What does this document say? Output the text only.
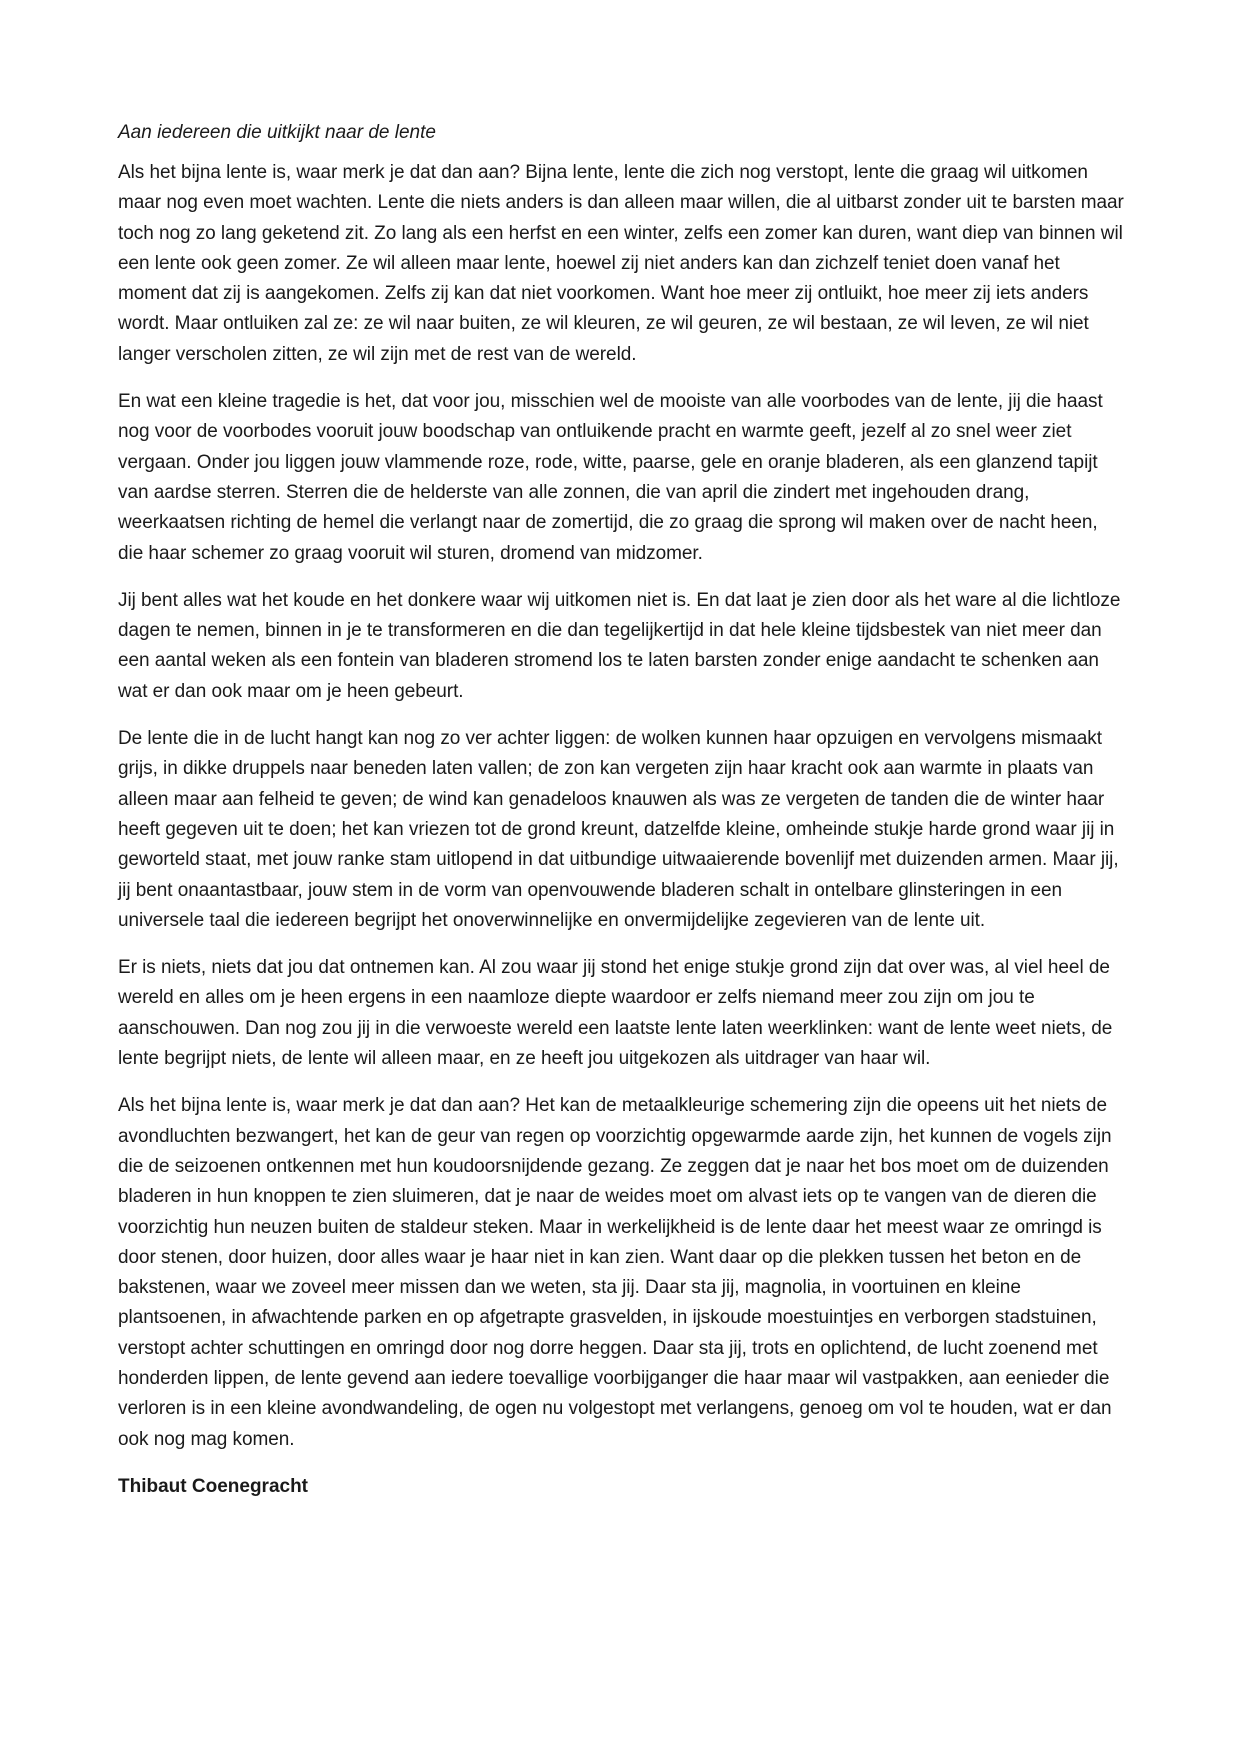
Aan iedereen die uitkijkt naar de lente

Als het bijna lente is, waar merk je dat dan aan? Bijna lente, lente die zich nog verstopt, lente die graag wil uitkomen maar nog even moet wachten. Lente die niets anders is dan alleen maar willen, die al uitbarst zonder uit te barsten maar toch nog zo lang geketend zit. Zo lang als een herfst en een winter, zelfs een zomer kan duren, want diep van binnen wil een lente ook geen zomer. Ze wil alleen maar lente, hoewel zij niet anders kan dan zichzelf teniet doen vanaf het moment dat zij is aangekomen. Zelfs zij kan dat niet voorkomen. Want hoe meer zij ontluikt, hoe meer zij iets anders wordt. Maar ontluiken zal ze: ze wil naar buiten, ze wil kleuren, ze wil geuren, ze wil bestaan, ze wil leven, ze wil niet langer verscholen zitten, ze wil zijn met de rest van de wereld.

En wat een kleine tragedie is het, dat voor jou, misschien wel de mooiste van alle voorbodes van de lente, jij die haast nog voor de voorbodes vooruit jouw boodschap van ontluikende pracht en warmte geeft, jezelf al zo snel weer ziet vergaan. Onder jou liggen jouw vlammende roze, rode, witte, paarse, gele en oranje bladeren, als een glanzend tapijt van aardse sterren. Sterren die de helderste van alle zonnen, die van april die zindert met ingehouden drang, weerkaatsen richting de hemel die verlangt naar de zomertijd, die zo graag die sprong wil maken over de nacht heen, die haar schemer zo graag vooruit wil sturen, dromend van midzomer.

Jij bent alles wat het koude en het donkere waar wij uitkomen niet is. En dat laat je zien door als het ware al die lichtloze dagen te nemen, binnen in je te transformeren en die dan tegelijkertijd in dat hele kleine tijdsbestek van niet meer dan een aantal weken als een fontein van bladeren stromend los te laten barsten zonder enige aandacht te schenken aan wat er dan ook maar om je heen gebeurt.

De lente die in de lucht hangt kan nog zo ver achter liggen: de wolken kunnen haar opzuigen en vervolgens mismaakt grijs, in dikke druppels naar beneden laten vallen; de zon kan vergeten zijn haar kracht ook aan warmte in plaats van alleen maar aan felheid te geven; de wind kan genadeloos knauwen als was ze vergeten de tanden die de winter haar heeft gegeven uit te doen; het kan vriezen tot de grond kreunt, datzelfde kleine, omheinde stukje harde grond waar jij in geworteld staat, met jouw ranke stam uitlopend in dat uitbundige uitwaaierende bovenlijf met duizenden armen. Maar jij, jij bent onaantastbaar, jouw stem in de vorm van openvouwende bladeren schalt in ontelbare glinsteringen in een universele taal die iedereen begrijpt het onoverwinnelijke en onvermijdelijke zegevieren van de lente uit.

Er is niets, niets dat jou dat ontnemen kan. Al zou waar jij stond het enige stukje grond zijn dat over was, al viel heel de wereld en alles om je heen ergens in een naamloze diepte waardoor er zelfs niemand meer zou zijn om jou te aanschouwen. Dan nog zou jij in die verwoeste wereld een laatste lente laten weerklinken: want de lente weet niets, de lente begrijpt niets, de lente wil alleen maar, en ze heeft jou uitgekozen als uitdrager van haar wil.

Als het bijna lente is, waar merk je dat dan aan? Het kan de metaalkleurige schemering zijn die opeens uit het niets de avondluchten bezwangert, het kan de geur van regen op voorzichtig opgewarmde aarde zijn, het kunnen de vogels zijn die de seizoenen ontkennen met hun koudoorsnijdende gezang. Ze zeggen dat je naar het bos moet om de duizenden bladeren in hun knoppen te zien sluimeren, dat je naar de weides moet om alvast iets op te vangen van de dieren die voorzichtig hun neuzen buiten de staldeur steken. Maar in werkelijkheid is de lente daar het meest waar ze omringd is door stenen, door huizen, door alles waar je haar niet in kan zien. Want daar op die plekken tussen het beton en de bakstenen, waar we zoveel meer missen dan we weten, sta jij. Daar sta jij, magnolia, in voortuinen en kleine plantsoenen, in afwachtende parken en op afgetrapte grasvelden, in ijskoude moestuintjes en verborgen stadstuinen, verstopt achter schuttingen en omringd door nog dorre heggen. Daar sta jij, trots en oplichtend, de lucht zoenend met honderden lippen, de lente gevend aan iedere toevallige voorbijganger die haar maar wil vastpakken, aan eenieder die verloren is in een kleine avondwandeling, de ogen nu volgestopt met verlangens, genoeg om vol te houden, wat er dan ook nog mag komen.

Thibaut Coenegracht
